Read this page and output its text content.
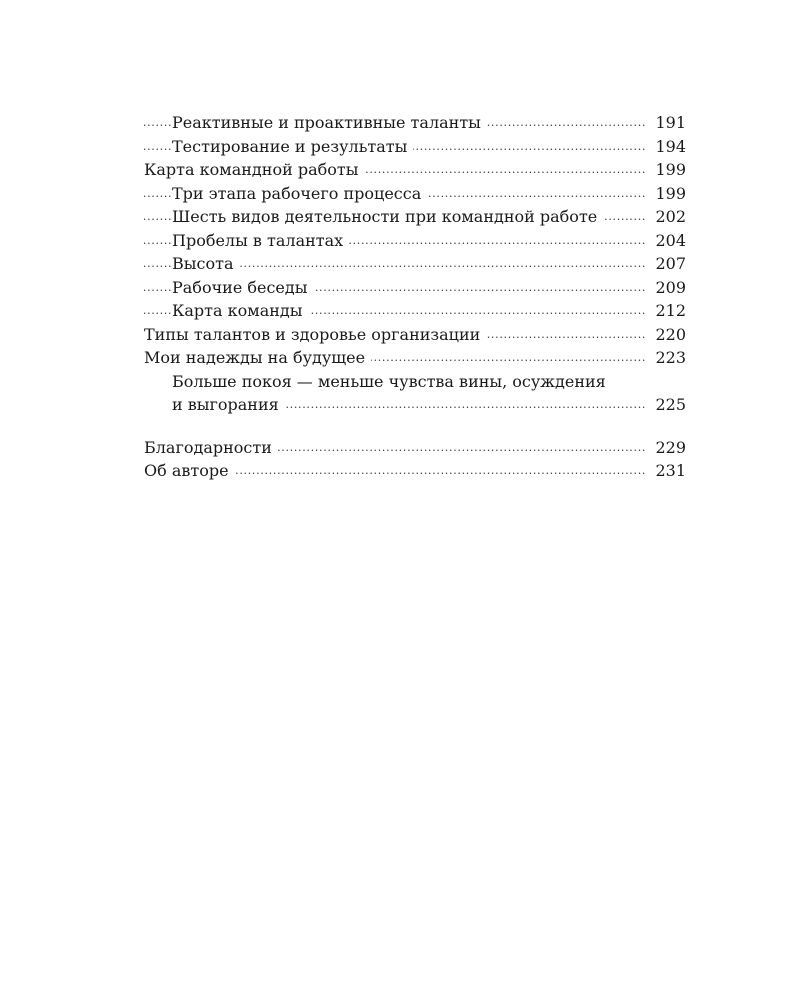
. . .
Реактивные и проактивные таланты	191
. . .
Тестирование и результаты	194
. . .
Карта командной работы	199
. . .
Три этапа рабочего процесса	199
. . .
Шесть видов деятельности при командной работе	202
. . .
Пробелы в талантах	204
. . .
Высота	207
. . .
Рабочие беседы	209
. . .
Карта команды	212
. . .
Типы талантов и здоровье организации	220
. . .
Мои надежды на будущее	223
Больше покоя — меньше чувства вины, осуждения
. . .
и выгорания	225
. . .
Благодарности	229
. . .
Об авторе	231
